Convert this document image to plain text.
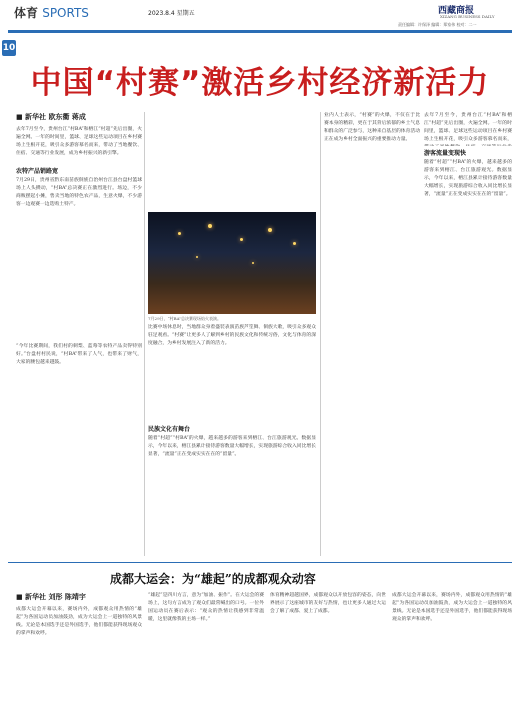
体育 SPORTS	2023.8.4 星期五	西藏商报
XIZANG BUSINESS DAILY
责任编辑：许保泽 编辑：郑家伟 校对：二一
10
中国“村赛”激活乡村经济新活力
■ 新华社 欧东衢 蒋成
去年7月至今，贵州台江“村BA”和榕江“村超”先后出圈，火遍全网。一年的时间里，篮球、足球这些运动项目在乡村赛场上生根开花，吸引众多游客慕名而来，带动了当地餐饮、住宿、交通等行业发展，成为乡村振兴的新引擎。
农特产品销路宽
7月29日，贵州省黔东南苗族侗族自治州台江县台盘村篮球场上人头攒动，“村BA”总决赛正在激烈进行。场边，不少商贩摆起小摊，售卖当地的特色农产品，生意火爆，不少游客一边观赛一边选购土特产。
“今年比赛期间，我们村的刺梨、蓝莓等农特产品卖得特别好。”台盘村村民说，“村BA”带来了人气，也带来了财气，大家的腰包越来越鼓。
7月29日，“村BA”总决赛现场焰火表演。
比赛中场休息时，当地群众身着盛装表演苗族芦笙舞、侗族大歌，吸引众多观众驻足观看。“村赛”让更多人了解到乡村的民族文化和传统习俗，文化与体育的深度融合，为乡村发展注入了新的活力。
民族文化有舞台
随着“村超”“村BA”的火爆，越来越多的游客来到榕江、台江旅游观光。数据显示，今年以来，榕江县累计接待游客数量大幅增长，实现旅游综合收入同比增长显著，“流量”正在变成实实在在的“留量”。
业内人士表示，“村赛”的火爆，不仅在于比赛本身的精彩，更在于其背后浓郁的乡土气息和群众的广泛参与，这种来自基层的体育活动正在成为乡村全面振兴的重要推动力量。
去年7月至今，贵州台江“村BA”和榕江“村超”先后出圈，火遍全网。一年的时间里，篮球、足球这些运动项目在乡村赛场上生根开花，吸引众多游客慕名而来，
游客流量变现快
随着“村超”“村BA”的火爆，越来越多的游客来到榕江、台江旅游观光。数据显示，今年以来，榕江县累计接待游客数量大幅增长，实现旅游综合收入同比增长显著，“流量”正在变成实实在在的“留量”。
成都大运会：为“雄起”的成都观众动容
■ 新华社 刘彤 陈靖宇
成都大运会开幕以来，赛场内外，成都观众用热情的“雄起”为各国运动员加油鼓劲，成为大运会上一道独特的风景线。无论是本国选手还是外国选手，他们都能获得现场观众的掌声和欢呼。
“雄起”是四川方言，意为“加油、振作”。在大运会的赛场上，这句方言成为了观众们最常喊出的口号。一位外国运动员在赛后表示：“观众的热情让我感到非常温暖，这里就像我的主场一样。”
体育精神超越国界，成都观众以开放包容的姿态，向世界展示了这座城市的友好与热情，也让更多人通过大运会了解了成都、爱上了成都。
成都大运会开幕以来，赛场内外，成都观众用热情的“雄起”为各国运动员加油鼓劲，成为大运会上一道独特的风景线。无论是本国选手还是外国选手，他们都能获得现场观众的掌声和欢呼。
